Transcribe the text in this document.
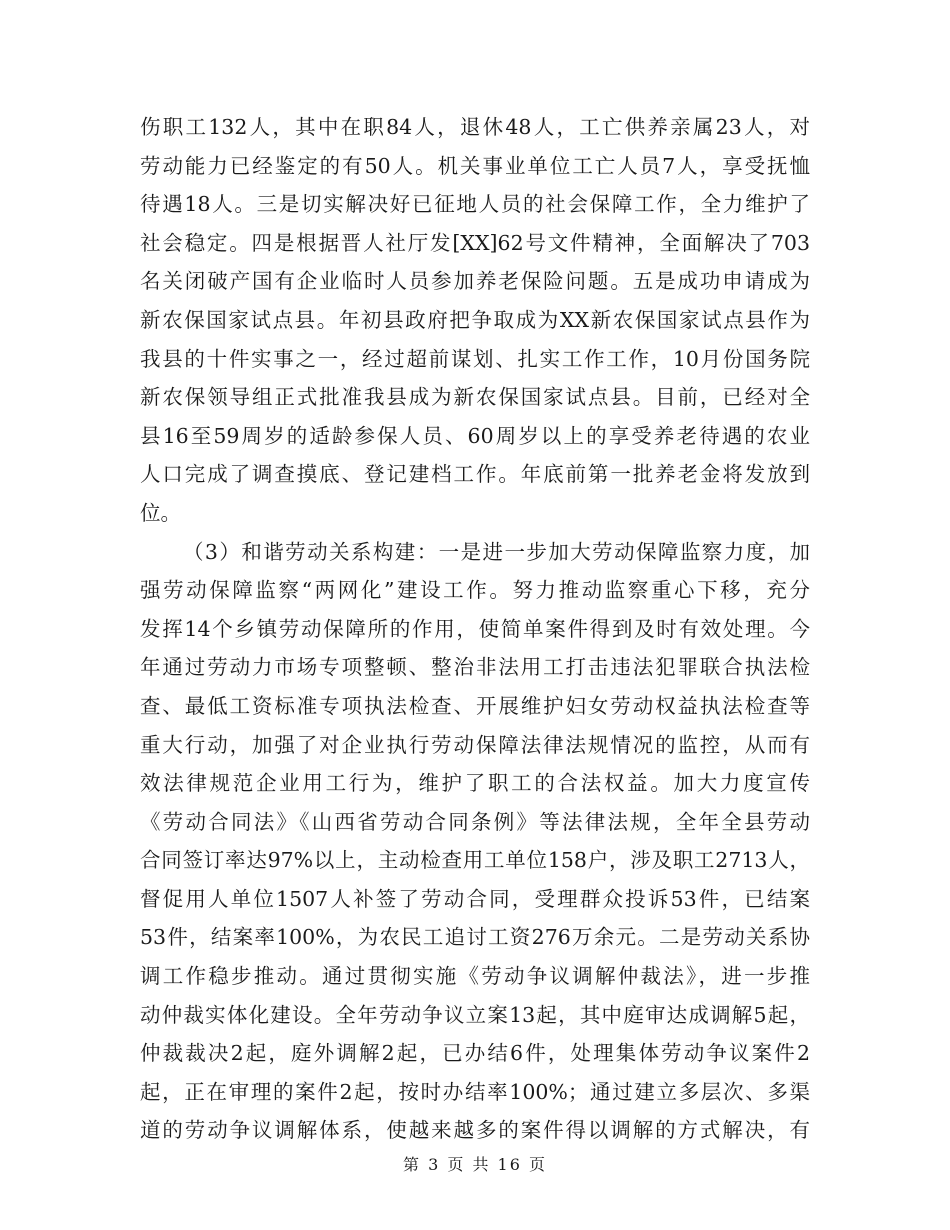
伤职工132人，其中在职84人，退休48人，工亡供养亲属23人，对
劳动能力已经鉴定的有50人。机关事业单位工亡人员7人，享受抚恤
待遇18人。三是切实解决好已征地人员的社会保障工作，全力维护了
社会稳定。四是根据晋人社厅发[XX]62号文件精神，全面解决了703
名关闭破产国有企业临时人员参加养老保险问题。五是成功申请成为
新农保国家试点县。年初县政府把争取成为XX新农保国家试点县作为
我县的十件实事之一，经过超前谋划、扎实工作工作，10月份国务院
新农保领导组正式批准我县成为新农保国家试点县。目前，已经对全
县16至59周岁的适龄参保人员、60周岁以上的享受养老待遇的农业
人口完成了调查摸底、登记建档工作。年底前第一批养老金将发放到
位。
（3）和谐劳动关系构建：一是进一步加大劳动保障监察力度，加
强劳动保障监察“两网化”建设工作。努力推动监察重心下移，充分
发挥14个乡镇劳动保障所的作用，使简单案件得到及时有效处理。今
年通过劳动力市场专项整顿、整治非法用工打击违法犯罪联合执法检
查、最低工资标准专项执法检查、开展维护妇女劳动权益执法检查等
重大行动，加强了对企业执行劳动保障法律法规情况的监控，从而有
效法律规范企业用工行为，维护了职工的合法权益。加大力度宣传
《劳动合同法》《山西省劳动合同条例》等法律法规，全年全县劳动
合同签订率达97%以上，主动检查用工单位158户，涉及职工2713人，
督促用人单位1507人补签了劳动合同，受理群众投诉53件，已结案
53件，结案率100%，为农民工追讨工资276万余元。二是劳动关系协
调工作稳步推动。通过贯彻实施《劳动争议调解仲裁法》，进一步推
动仲裁实体化建设。全年劳动争议立案13起，其中庭审达成调解5起，
仲裁裁决2起，庭外调解2起，已办结6件，处理集体劳动争议案件2
起，正在审理的案件2起，按时办结率100%；通过建立多层次、多渠
道的劳动争议调解体系，使越来越多的案件得以调解的方式解决，有
第 3 页 共 16 页
